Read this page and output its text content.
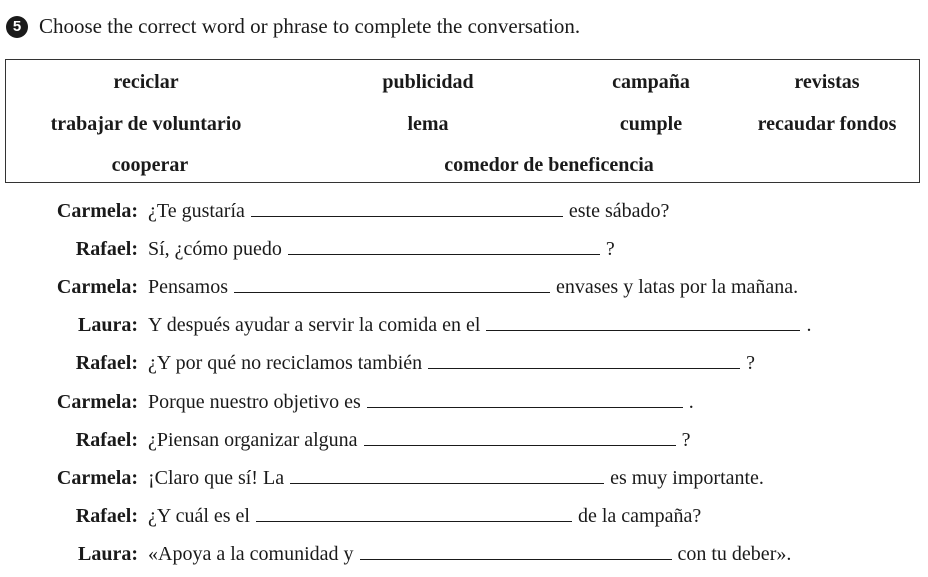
5 Choose the correct word or phrase to complete the conversation.
reciclar	publicidad	campaña	revistas
trabajar de voluntario	lema	cumple	recaudar fondos
cooperar	comedor de beneficencia
Carmela: ¿Te gustaría	este sábado?
Rafael: Sí, ¿cómo puedo	?
Carmela: Pensamos	envases y latas por la mañana.
Laura: Y después ayudar a servir la comida en el	.
Rafael: ¿Y por qué no reciclamos también	?
Carmela: Porque nuestro objetivo es	.
Rafael: ¿Piensan organizar alguna	?
Carmela: ¡Claro que sí! La	es muy importante.
Rafael: ¿Y cuál es el	de la campaña?
Laura: «Apoya a la comunidad y	con tu deber».
